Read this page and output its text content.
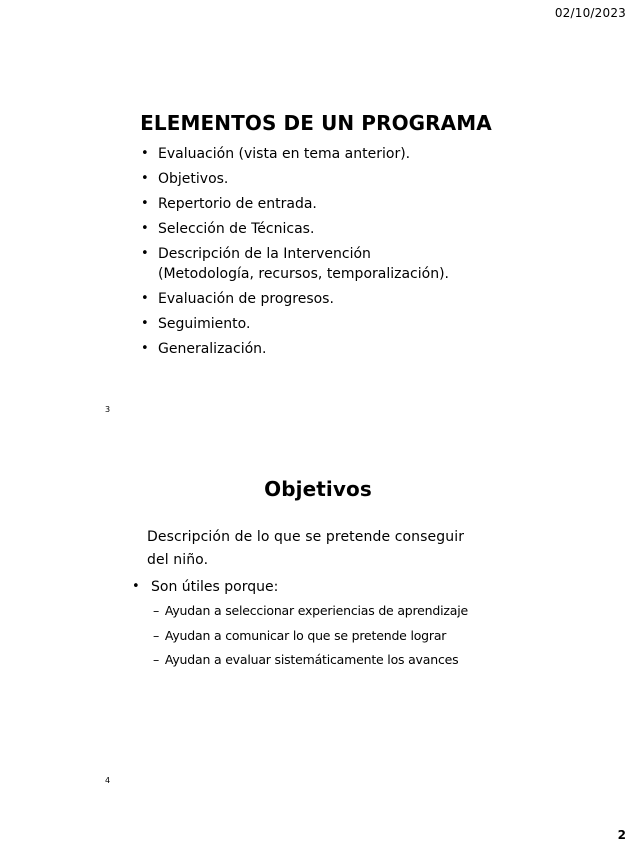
02/10/2023
ELEMENTOS DE UN PROGRAMA
• Evaluación (vista en tema anterior).
• Objetivos.
• Repertorio de entrada.
• Selección de Técnicas.
• Descripción de la Intervención
(Metodología, recursos, temporalización).
• Evaluación de progresos.
• Seguimiento.
• Generalización.
3
Objetivos
Descripción de lo que se pretende conseguir
del niño.
• Son útiles porque:
– Ayudan a seleccionar experiencias de aprendizaje
– Ayudan a comunicar lo que se pretende lograr
– Ayudan a evaluar sistemáticamente los avances
4
2
